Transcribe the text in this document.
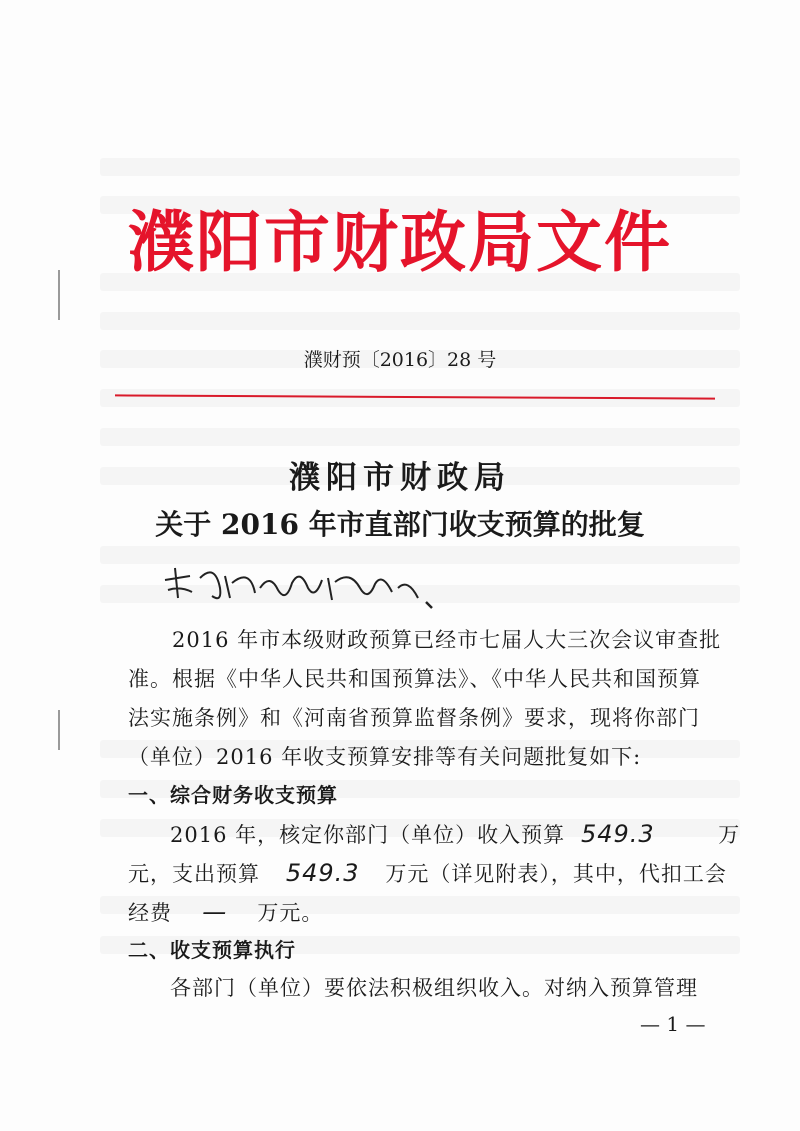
濮阳市财政局文件
濮财预〔2016〕28 号
濮阳市财政局
关于 2016 年市直部门收支预算的批复
2016 年市本级财政预算已经市七届人大三次会议审查批
准。根据《中华人民共和国预算法》、《中华人民共和国预算
法实施条例》和《河南省预算监督条例》要求，现将你部门
（单位）2016 年收支预算安排等有关问题批复如下:
一、综合财务收支预算
2016 年，核定你部门（单位）收入预算 549.3	万
元，支出预算 549.3 万元（详见附表），其中，代扣工会
经费 — 万元。
二、收支预算执行
各部门（单位）要依法积极组织收入。对纳入预算管理
— 1 —
